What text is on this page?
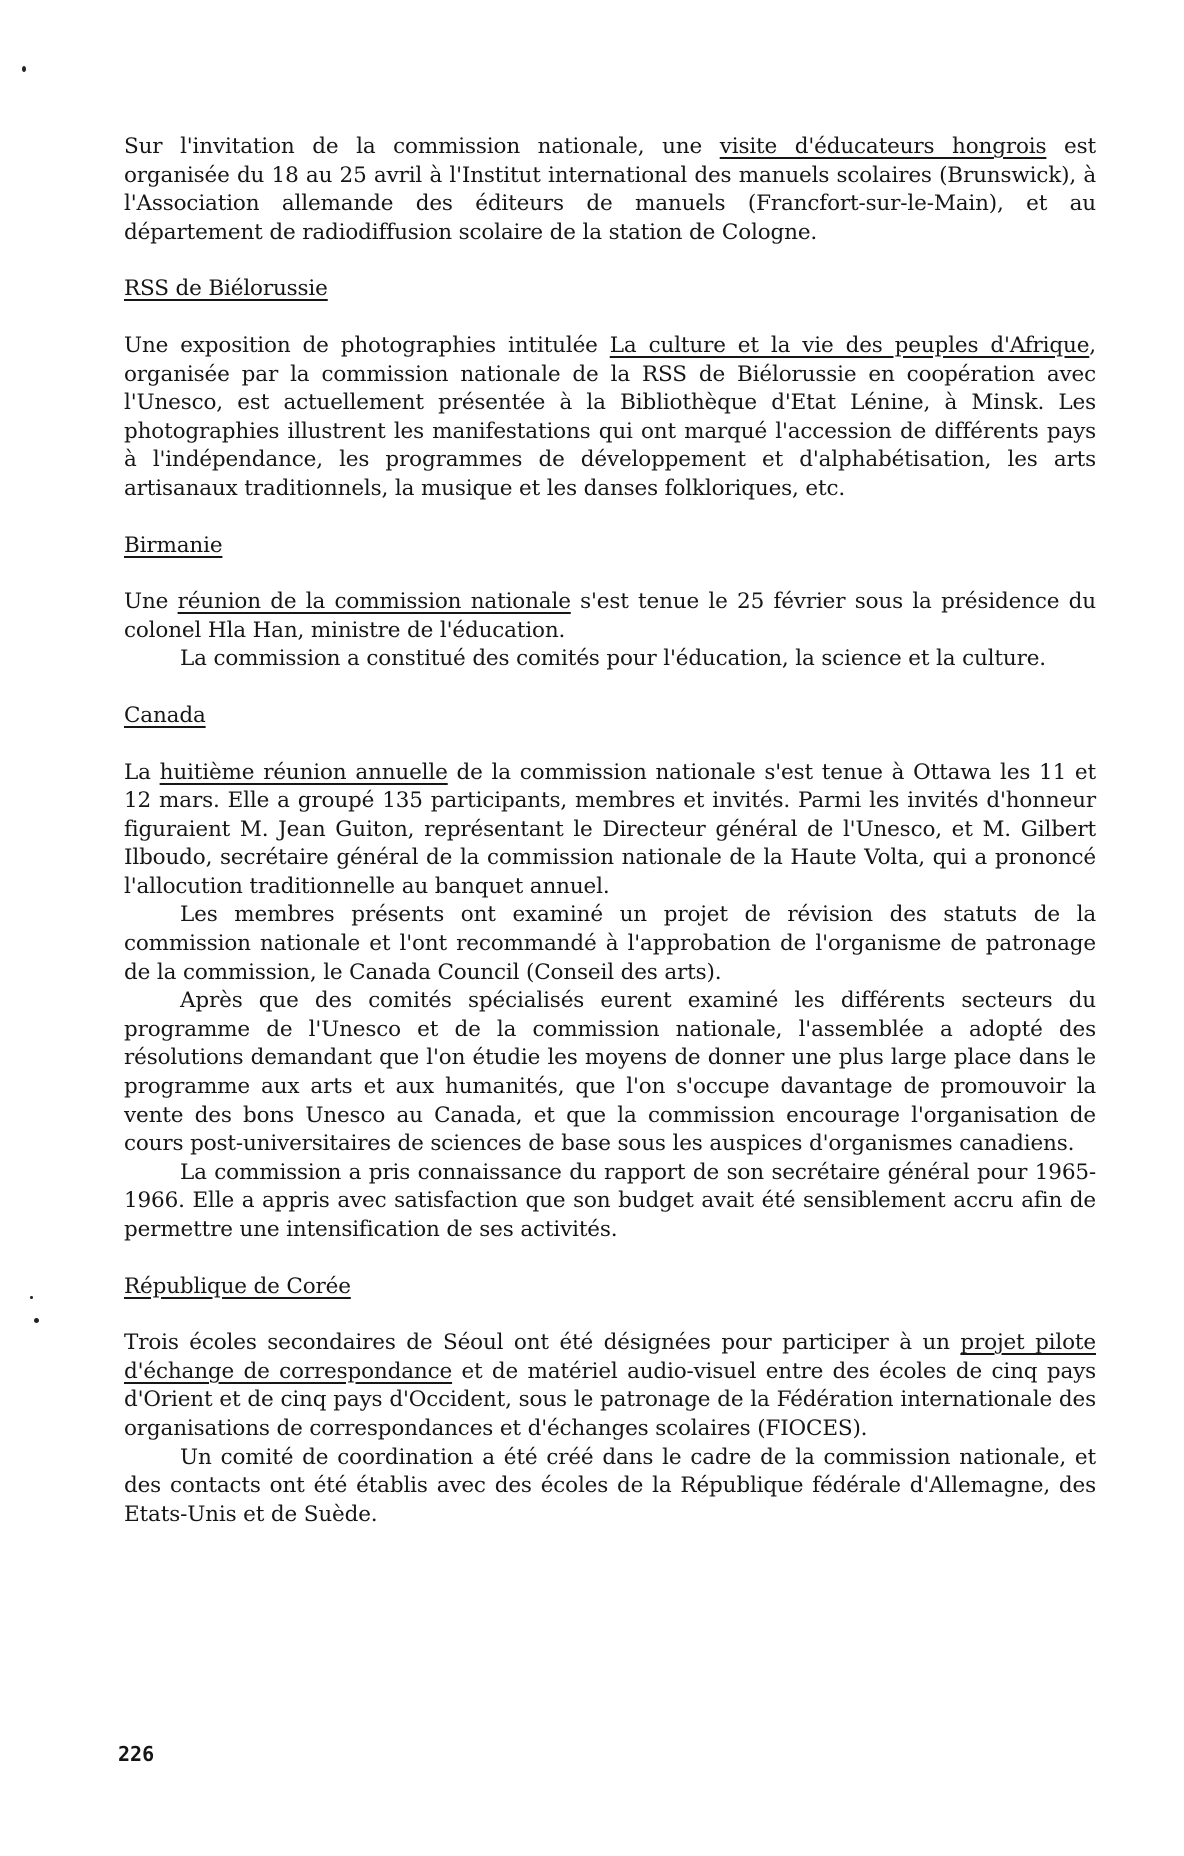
Sur l'invitation de la commission nationale, une visite d'éducateurs hongrois est organisée du 18 au 25 avril à l'Institut international des manuels scolaires (Brunswick), à l'Association allemande des éditeurs de manuels (Francfort-sur-le-Main), et au département de radiodiffusion scolaire de la station de Cologne.

RSS de Biélorussie

Une exposition de photographies intitulée La culture et la vie des peuples d'Afrique, organisée par la commission nationale de la RSS de Biélorussie en coopération avec l'Unesco, est actuellement présentée à la Bibliothèque d'Etat Lénine, à Minsk. Les photographies illustrent les manifestations qui ont marqué l'accession de différents pays à l'indépendance, les programmes de développement et d'alphabétisation, les arts artisanaux traditionnels, la musique et les danses folkloriques, etc.

Birmanie

Une réunion de la commission nationale s'est tenue le 25 février sous la présidence du colonel Hla Han, ministre de l'éducation.

La commission a constitué des comités pour l'éducation, la science et la culture.

Canada

La huitième réunion annuelle de la commission nationale s'est tenue à Ottawa les 11 et 12 mars. Elle a groupé 135 participants, membres et invités. Parmi les invités d'honneur figuraient M. Jean Guiton, représentant le Directeur général de l'Unesco, et M. Gilbert Ilboudo, secrétaire général de la commission nationale de la Haute Volta, qui a prononcé l'allocution traditionnelle au banquet annuel.

Les membres présents ont examiné un projet de révision des statuts de la commission nationale et l'ont recommandé à l'approbation de l'organisme de patronage de la commission, le Canada Council (Conseil des arts).

Après que des comités spécialisés eurent examiné les différents secteurs du programme de l'Unesco et de la commission nationale, l'assemblée a adopté des résolutions demandant que l'on étudie les moyens de donner une plus large place dans le programme aux arts et aux humanités, que l'on s'occupe davantage de promouvoir la vente des bons Unesco au Canada, et que la commission encourage l'organisation de cours post-universitaires de sciences de base sous les auspices d'organismes canadiens.

La commission a pris connaissance du rapport de son secrétaire général pour 1965-1966. Elle a appris avec satisfaction que son budget avait été sensiblement accru afin de permettre une intensification de ses activités.

République de Corée

Trois écoles secondaires de Séoul ont été désignées pour participer à un projet pilote d'échange de correspondance et de matériel audio-visuel entre des écoles de cinq pays d'Orient et de cinq pays d'Occident, sous le patronage de la Fédération internationale des organisations de correspondances et d'échanges scolaires (FIOCES).

Un comité de coordination a été créé dans le cadre de la commission nationale, et des contacts ont été établis avec des écoles de la République fédérale d'Allemagne, des Etats-Unis et de Suède.

226
